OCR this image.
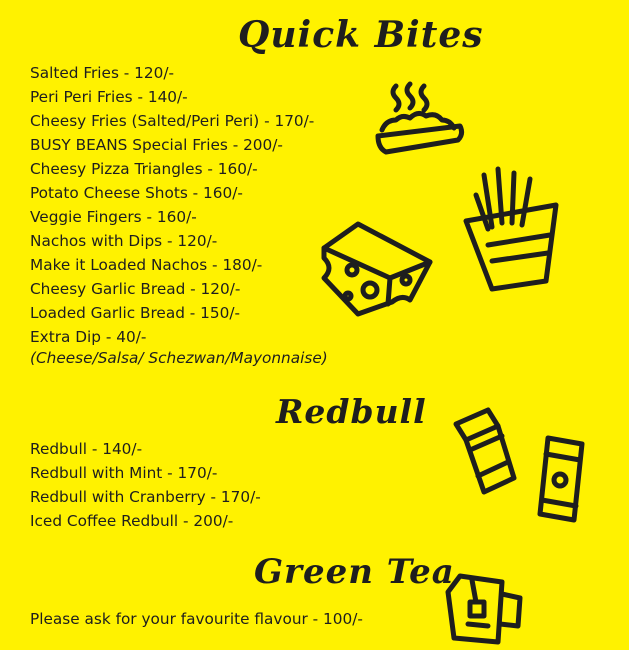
Quick Bites
Salted Fries - 120/-
Peri Peri Fries - 140/-
Cheesy Fries (Salted/Peri Peri) - 170/-
BUSY BEANS Special Fries - 200/-
Cheesy Pizza Triangles - 160/-
Potato Cheese Shots - 160/-
Veggie Fingers - 160/-
Nachos with Dips - 120/-
Make it Loaded Nachos - 180/-
Cheesy Garlic Bread - 120/-
Loaded Garlic Bread - 150/-
Extra Dip - 40/-
(Cheese/Salsa/ Schezwan/Mayonnaise)
Redbull
Redbull - 140/-
Redbull with Mint - 170/-
Redbull with Cranberry - 170/-
Iced Coffee Redbull - 200/-
Green Tea
Please ask for your favourite flavour - 100/-
